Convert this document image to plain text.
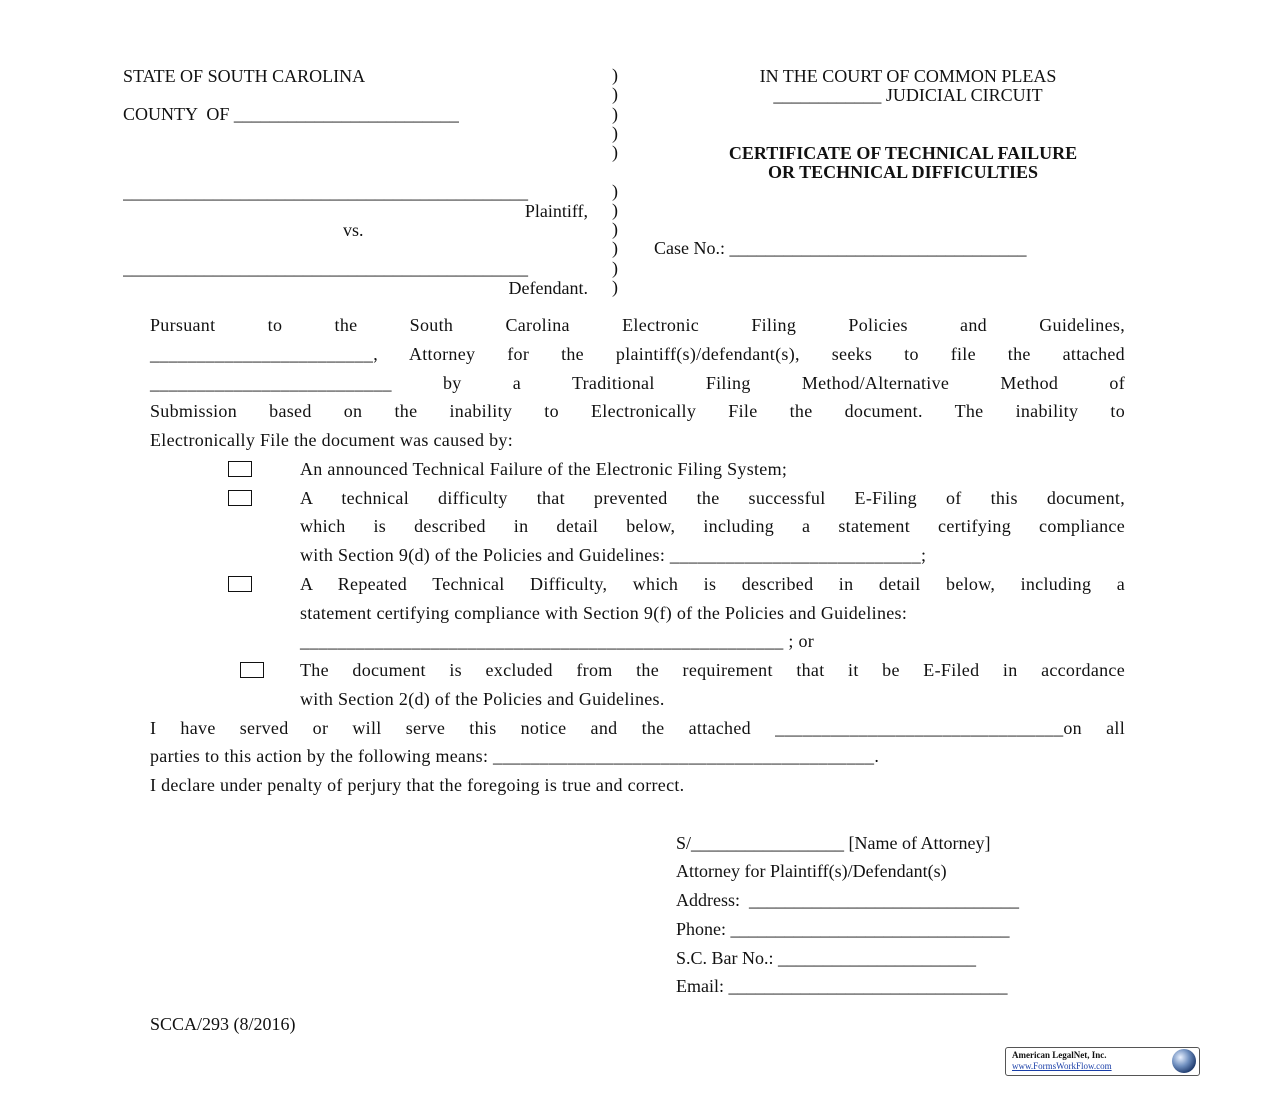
STATE OF SOUTH CAROLINA
COUNTY  OF _________________________
_____________________________________________
Plaintiff,
vs.
_____________________________________________
Defendant.
)
)
)
)
)
)
)
)
)
)
)
IN THE COURT OF COMMON PLEAS
____________ JUDICIAL CIRCUIT
CERTIFICATE OF TECHNICAL FAILURE
OR TECHNICAL DIFFICULTIES
Case No.: _________________________________
Pursuant to the South Carolina Electronic Filing Policies and Guidelines,
________________________, Attorney for the plaintiff(s)/defendant(s), seeks to file the attached
__________________________ by a Traditional Filing Method/Alternative Method of
Submission based on the inability to Electronically File the document. The inability to
Electronically File the document was caused by:
An announced Technical Failure of the Electronic Filing System;
A technical difficulty that prevented the successful E-Filing of this document,
which is described in detail below, including a statement certifying compliance
with Section 9(d) of the Policies and Guidelines: ___________________________;
A Repeated Technical Difficulty, which is described in detail below, including a
statement certifying compliance with Section 9(f) of the Policies and Guidelines:
____________________________________________________ ; or
The document is excluded from the requirement that it be E-Filed in accordance
with Section 2(d) of the Policies and Guidelines.
I have served or will serve this notice and the attached _______________________________on all
parties to this action by the following means: _________________________________________.
I declare under penalty of perjury that the foregoing is true and correct.
S/_________________ [Name of Attorney]
Attorney for Plaintiff(s)/Defendant(s)
Address:  ______________________________
Phone: _______________________________
S.C. Bar No.: ______________________
Email: _______________________________
SCCA/293 (8/2016)
American LegalNet, Inc.
www.FormsWorkFlow.com
